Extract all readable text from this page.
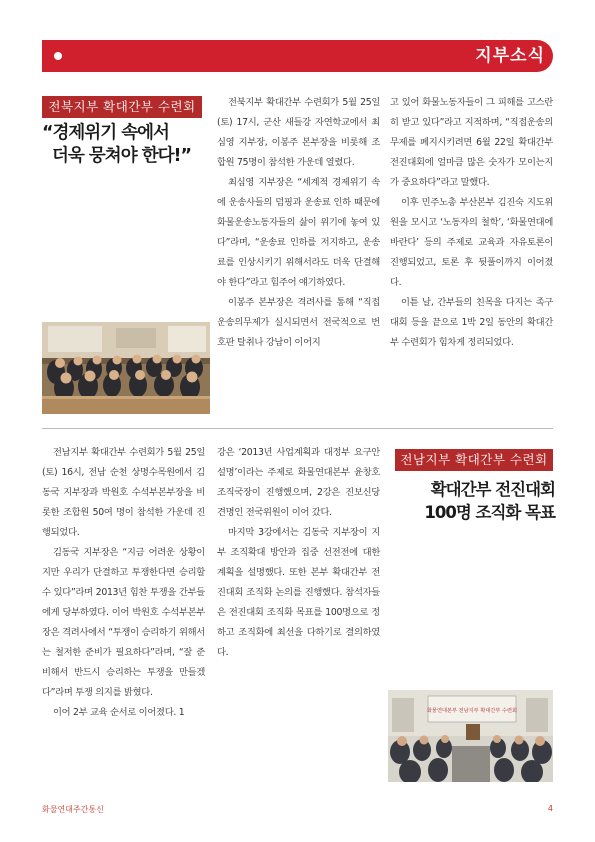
지부소식
전북지부 확대간부 수련회
“경제위기 속에서
더욱 뭉쳐야 한다!”

전북지부 확대간부 수련회가 5월 25일(토) 17시, 군산 새들강 자연학교에서 최심영 지부장, 이봉주 본부장을 비롯해 조합원 75명이 참석한 가운데 열렸다.

최심영 지부장은 “세계적 경제위기 속에 운송사들의 덤핑과 운송료 인하 때문에 화물운송노동자들의 삶이 위기에 놓여 있다”라며, “운송료 인하를 저지하고, 운송료를 인상시키기 위해서라도 더욱 단결해야 한다”라고 힘주어 얘기하였다.

이봉주 본부장은 격려사를 통해 “직접운송의무제가 실시되면서 전국적으로 번호판 탈취나 강남이 이어지

고 있어 화물노동자들이 그 피해를 고스란히 받고 있다”라고 지적하며, “직접운송의무제를 폐지시키려면 6월 22일 확대간부 전진대회에 얼마큼 많은 숫자가 모이는지가 중요하다”라고 말했다.

이후 민주노총 부산본부 김진숙 지도위원을 모시고 ‘노동자의 철학’, ‘화물연대에 바란다’ 등의 주제로 교육과 자유토론이 진행되었고, 토론 후 뒷풀이까지 이어졌다.

이튿 날, 간부들의 친목을 다지는 족구대회 등을 끝으로 1박 2일 동안의 확대간부 수련회가 힘차게 정리되었다.

전남지부 확대간부 수련회가 5월 25일(토) 16시, 전남 순천 상명수목원에서 김동국 지부장과 박원호 수석부본부장을 비롯한 조합원 50여 명이 참석한 가운데 진행되었다.

김동국 지부장은 “지금 어려운 상황이지만 우리가 단결하고 투쟁한다면 승리할 수 있다”라며 2013년 힘찬 투쟁을 간부들에게 당부하였다. 이어 박원호 수석부본부장은 격려사에서 “투쟁이 승리하기 위해서는 철저한 준비가 필요하다”라며, “잘 준비해서 반드시 승리하는 투쟁을 만들겠다”라며 투쟁 의지를 밝혔다.

이어 2부 교육 순서로 이어졌다. 1

강은 ‘2013년 사업계획과 대정부 요구안 설명’이라는 주제로 화물연대본부 윤창호 조직국장이 진행했으며, 2강은 진보신당 견명인 전국위원이 이어 갔다.

마지막 3강에서는 김동국 지부장이 지부 조직확대 방안과 집중 선전전에 대한 계획을 설명했다. 또한 본부 확대간부 전진대회 조직화 논의를 진행했다. 참석자들은 전진대회 조직화 목표를 100명으로 정하고 조직화에 최선을 다하기로 결의하였다.

전남지부 확대간부 수련회
확대간부 전진대회
100명 조직화 목표
화물연대본부 전남지부 확대간부 수련회
화물연대주간통신	4
